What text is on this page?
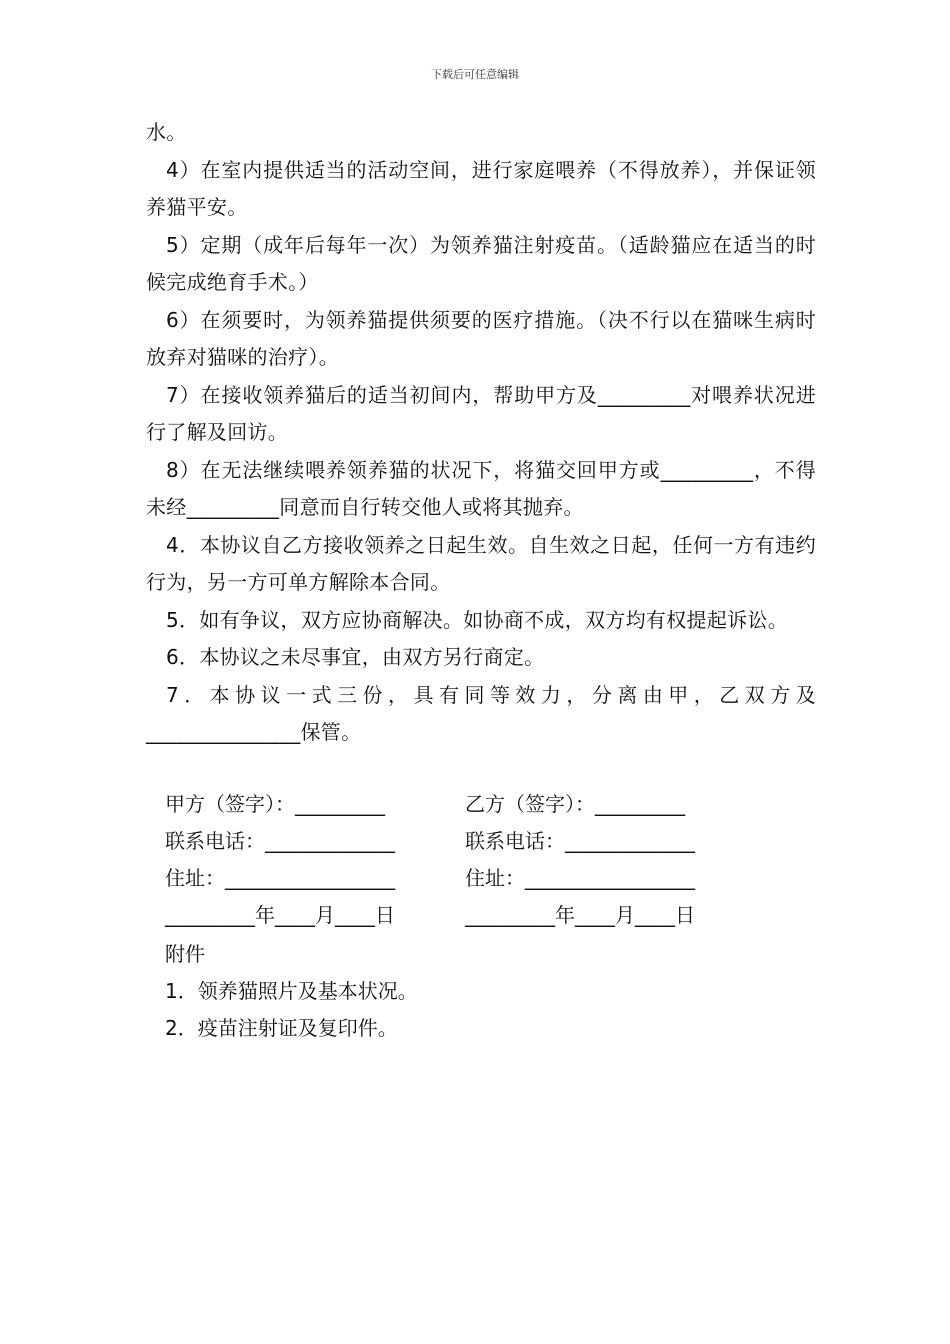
下载后可任意编辑

水。

4）在室内提供适当的活动空间，进行家庭喂养（不得放养），并保证领养猫平安。

5）定期（成年后每年一次）为领养猫注射疫苗。（适龄猫应在适当的时候完成绝育手术。）

6）在须要时，为领养猫提供须要的医疗措施。（决不行以在猫咪生病时放弃对猫咪的治疗）。

7）在接收领养猫后的适当初间内，帮助甲方及_________对喂养状况进行了解及回访。

8）在无法继续喂养领养猫的状况下，将猫交回甲方或_________，不得未经_________同意而自行转交他人或将其抛弃。

4．本协议自乙方接收领养之日起生效。自生效之日起，任何一方有违约行为，另一方可单方解除本合同。

5．如有争议，双方应协商解决。如协商不成，双方均有权提起诉讼。

6．本协议之未尽事宜，由双方另行商定。

7．本协议一式三份，具有同等效力，分离由甲，乙双方及_______________保管。

甲方（签字）：_________	乙方（签字）：_________
联系电话：_____________	联系电话：_____________
住址：_________________	住址：_________________
_________年____月____日	_________年____月____日
附件
1．领养猫照片及基本状况。
2．疫苗注射证及复印件。
